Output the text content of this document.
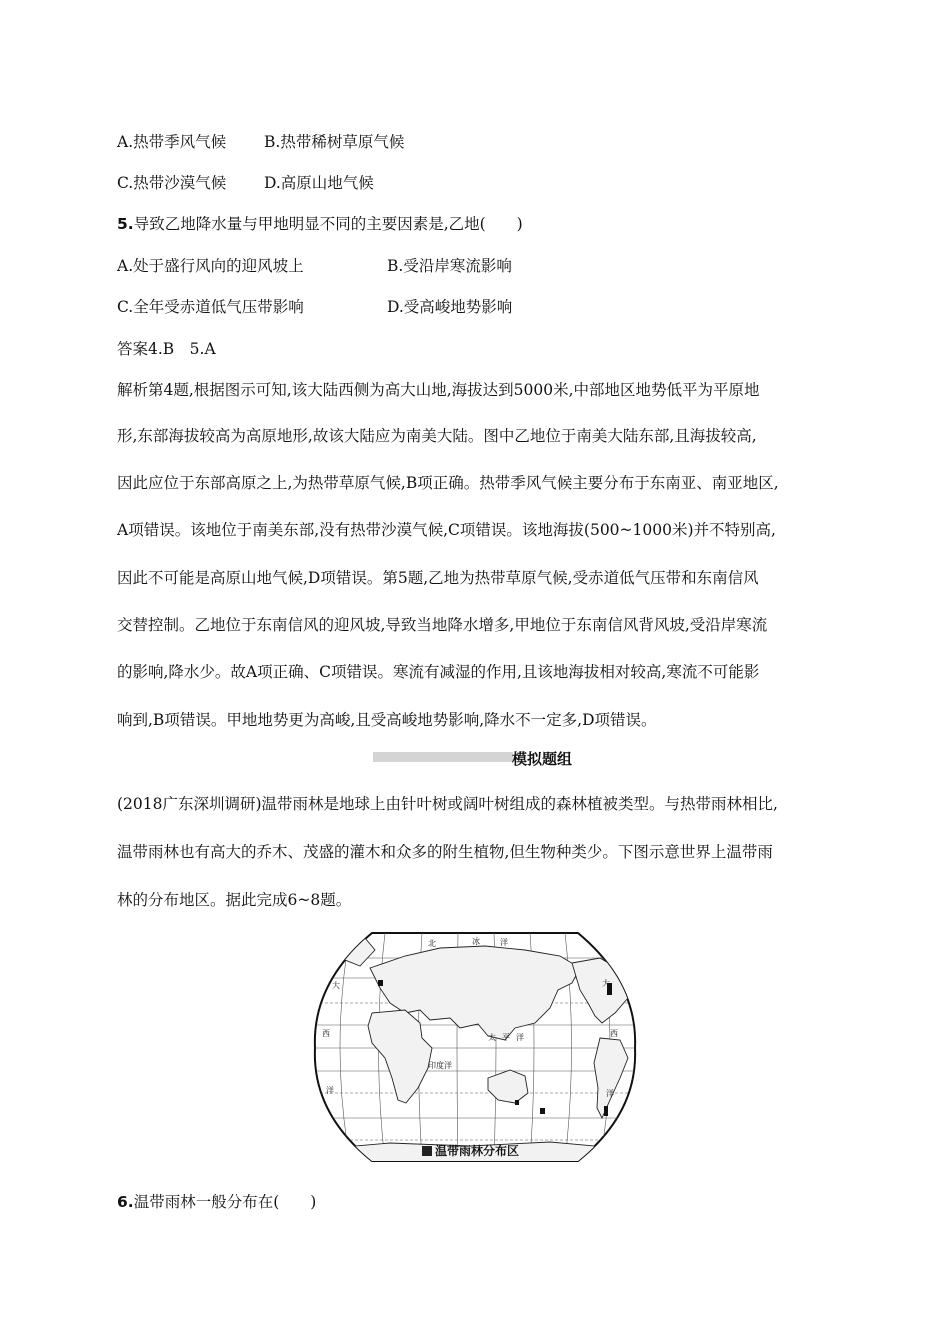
A.热带季风气候 B.热带稀树草原气候
C.热带沙漠气候 D.高原山地气候
5.导致乙地降水量与甲地明显不同的主要因素是,乙地(　　)
A.处于盛行风向的迎风坡上	B.受沿岸寒流影响
C.全年受赤道低气压带影响	D.受高峻地势影响
答案4.B　5.A
解析第4题,根据图示可知,该大陆西侧为高大山地,海拔达到5000米,中部地区地势低平为平原地
形,东部海拔较高为高原地形,故该大陆应为南美大陆。图中乙地位于南美大陆东部,且海拔较高,
因此应位于东部高原之上,为热带草原气候,B项正确。热带季风气候主要分布于东南亚、南亚地区,
A项错误。该地位于南美东部,没有热带沙漠气候,C项错误。该地海拔(500~1000米)并不特别高,
因此不可能是高原山地气候,D项错误。第5题,乙地为热带草原气候,受赤道低气压带和东南信风
交替控制。乙地位于东南信风的迎风坡,导致当地降水增多,甲地位于东南信风背风坡,受沿岸寒流
的影响,降水少。故A项正确、C项错误。寒流有减湿的作用,且该地海拔相对较高,寒流不可能影
响到,B项错误。甲地地势更为高峻,且受高峻地势影响,降水不一定多,D项错误。
模拟题组
(2018广东深圳调研)温带雨林是地球上由针叶树或阔叶树组成的森林植被类型。与热带雨林相比,
温带雨林也有高大的乔木、茂盛的灌木和众多的附生植物,但生物种类少。下图示意世界上温带雨
林的分布地区。据此完成6~8题。
北	冰	洋
大
西
洋
太 平 洋
印度洋
大
西
洋
温带雨林分布区
6.温带雨林一般分布在(　　)
